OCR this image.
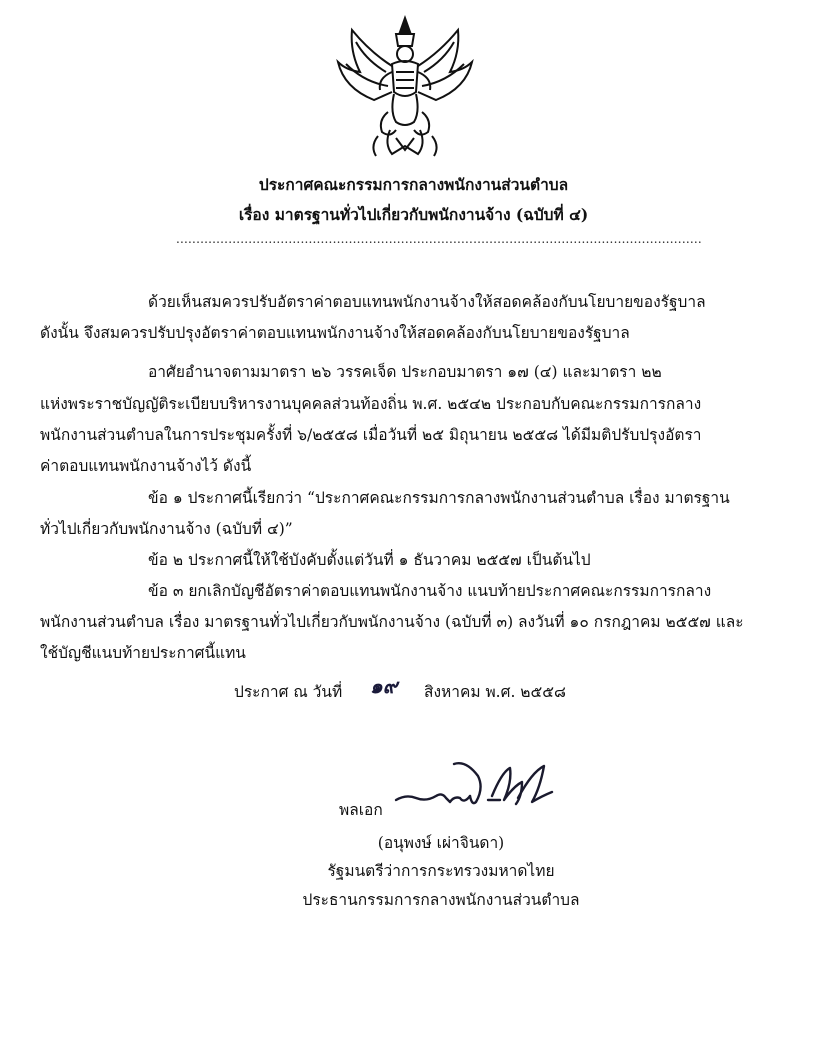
ประกาศคณะกรรมการกลางพนักงานส่วนตำบล
เรื่อง มาตรฐานทั่วไปเกี่ยวกับพนักงานจ้าง (ฉบับที่ ๔)
...................................................................................................................................
ด้วยเห็นสมควรปรับอัตราค่าตอบแทนพนักงานจ้างให้สอดคล้องกับนโยบายของรัฐบาล
ดังนั้น จึงสมควรปรับปรุงอัตราค่าตอบแทนพนักงานจ้างให้สอดคล้องกับนโยบายของรัฐบาล
อาศัยอำนาจตามมาตรา ๒๖ วรรคเจ็ด ประกอบมาตรา ๑๗ (๔) และมาตรา ๒๒
แห่งพระราชบัญญัติระเบียบบริหารงานบุคคลส่วนท้องถิ่น พ.ศ. ๒๕๔๒ ประกอบกับคณะกรรมการกลาง
พนักงานส่วนตำบลในการประชุมครั้งที่ ๖/๒๕๕๘ เมื่อวันที่ ๒๕ มิถุนายน ๒๕๕๘ ได้มีมติปรับปรุงอัตรา
ค่าตอบแทนพนักงานจ้างไว้ ดังนี้
ข้อ ๑ ประกาศนี้เรียกว่า “ประกาศคณะกรรมการกลางพนักงานส่วนตำบล เรื่อง มาตรฐาน
ทั่วไปเกี่ยวกับพนักงานจ้าง (ฉบับที่ ๔)”
ข้อ ๒ ประกาศนี้ให้ใช้บังคับตั้งแต่วันที่ ๑ ธันวาคม ๒๕๕๗ เป็นต้นไป
ข้อ ๓ ยกเลิกบัญชีอัตราค่าตอบแทนพนักงานจ้าง แนบท้ายประกาศคณะกรรมการกลาง
พนักงานส่วนตำบล เรื่อง มาตรฐานทั่วไปเกี่ยวกับพนักงานจ้าง (ฉบับที่ ๓) ลงวันที่ ๑๐ กรกฎาคม ๒๕๕๗ และ
ใช้บัญชีแนบท้ายประกาศนี้แทน
ประกาศ ณ วันที่ ๑๙ สิงหาคม พ.ศ. ๒๕๕๘
พลเอก
(อนุพงษ์ เผ่าจินดา)
รัฐมนตรีว่าการกระทรวงมหาดไทย
ประธานกรรมการกลางพนักงานส่วนตำบล
